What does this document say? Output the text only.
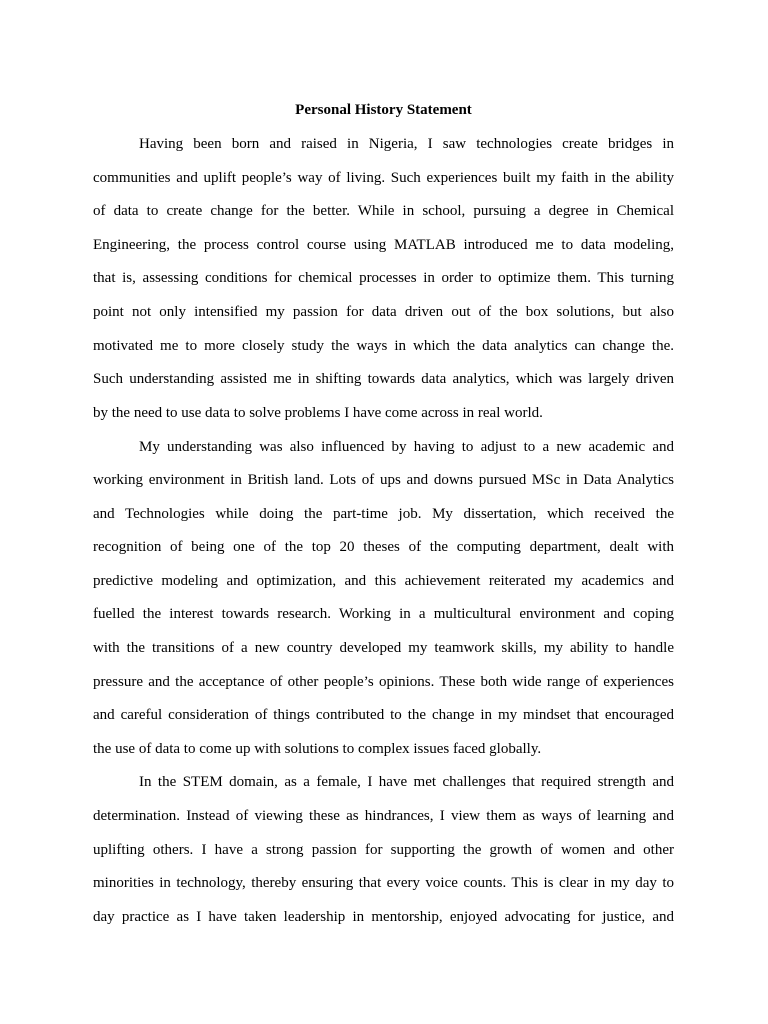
Personal History Statement
Having been born and raised in Nigeria, I saw technologies create bridges in
communities and uplift people’s way of living. Such experiences built my faith in the ability
of data to create change for the better. While in school, pursuing a degree in Chemical
Engineering, the process control course using MATLAB introduced me to data modeling,
that is, assessing conditions for chemical processes in order to optimize them. This turning
point not only intensified my passion for data driven out of the box solutions, but also
motivated me to more closely study the ways in which the data analytics can change the.
Such understanding assisted me in shifting towards data analytics, which was largely driven
by the need to use data to solve problems I have come across in real world.
My understanding was also influenced by having to adjust to a new academic and
working environment in British land. Lots of ups and downs pursued MSc in Data Analytics
and Technologies while doing the part-time job. My dissertation, which received the
recognition of being one of the top 20 theses of the computing department, dealt with
predictive modeling and optimization, and this achievement reiterated my academics and
fuelled the interest towards research. Working in a multicultural environment and coping
with the transitions of a new country developed my teamwork skills, my ability to handle
pressure and the acceptance of other people’s opinions. These both wide range of experiences
and careful consideration of things contributed to the change in my mindset that encouraged
the use of data to come up with solutions to complex issues faced globally.
In the STEM domain, as a female, I have met challenges that required strength and
determination. Instead of viewing these as hindrances, I view them as ways of learning and
uplifting others. I have a strong passion for supporting the growth of women and other
minorities in technology, thereby ensuring that every voice counts. This is clear in my day to
day practice as I have taken leadership in mentorship, enjoyed advocating for justice, and
